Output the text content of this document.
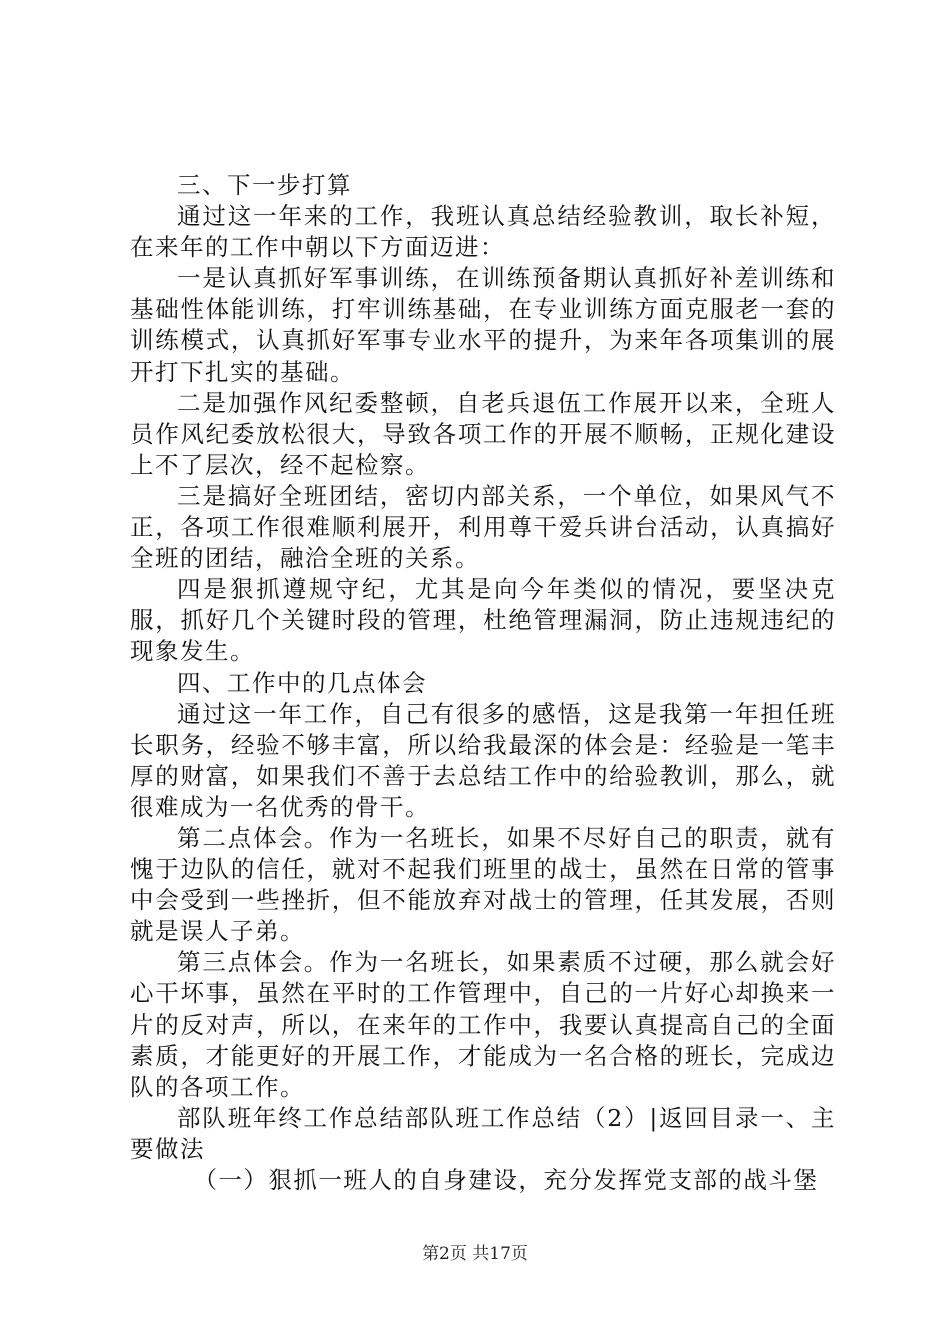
三、下一步打算

通过这一年来的工作，我班认真总结经验教训，取长补短，在来年的工作中朝以下方面迈进：

一是认真抓好军事训练，在训练预备期认真抓好补差训练和基础性体能训练，打牢训练基础，在专业训练方面克服老一套的训练模式，认真抓好军事专业水平的提升，为来年各项集训的展开打下扎实的基础。

二是加强作风纪委整顿，自老兵退伍工作展开以来，全班人员作风纪委放松很大，导致各项工作的开展不顺畅，正规化建设上不了层次，经不起检察。

三是搞好全班团结，密切内部关系，一个单位，如果风气不正，各项工作很难顺利展开，利用尊干爱兵讲台活动，认真搞好全班的团结，融洽全班的关系。

四是狠抓遵规守纪，尤其是向今年类似的情况，要坚决克服，抓好几个关键时段的管理，杜绝管理漏洞，防止违规违纪的现象发生。

四、工作中的几点体会

通过这一年工作，自己有很多的感悟，这是我第一年担任班长职务，经验不够丰富，所以给我最深的体会是：经验是一笔丰厚的财富，如果我们不善于去总结工作中的给验教训，那么，就很难成为一名优秀的骨干。

第二点体会。作为一名班长，如果不尽好自己的职责，就有愧于边队的信任，就对不起我们班里的战士，虽然在日常的管事中会受到一些挫折，但不能放弃对战士的管理，任其发展，否则就是误人子弟。

第三点体会。作为一名班长，如果素质不过硬，那么就会好心干坏事，虽然在平时的工作管理中，自己的一片好心却换来一片的反对声，所以，在来年的工作中，我要认真提高自己的全面素质，才能更好的开展工作，才能成为一名合格的班长，完成边队的各项工作。

部队班年终工作总结部队班工作总结（2）|返回目录一、主要做法

（一）狠抓一班人的自身建设，充分发挥党支部的战斗堡

第2页 共17页
